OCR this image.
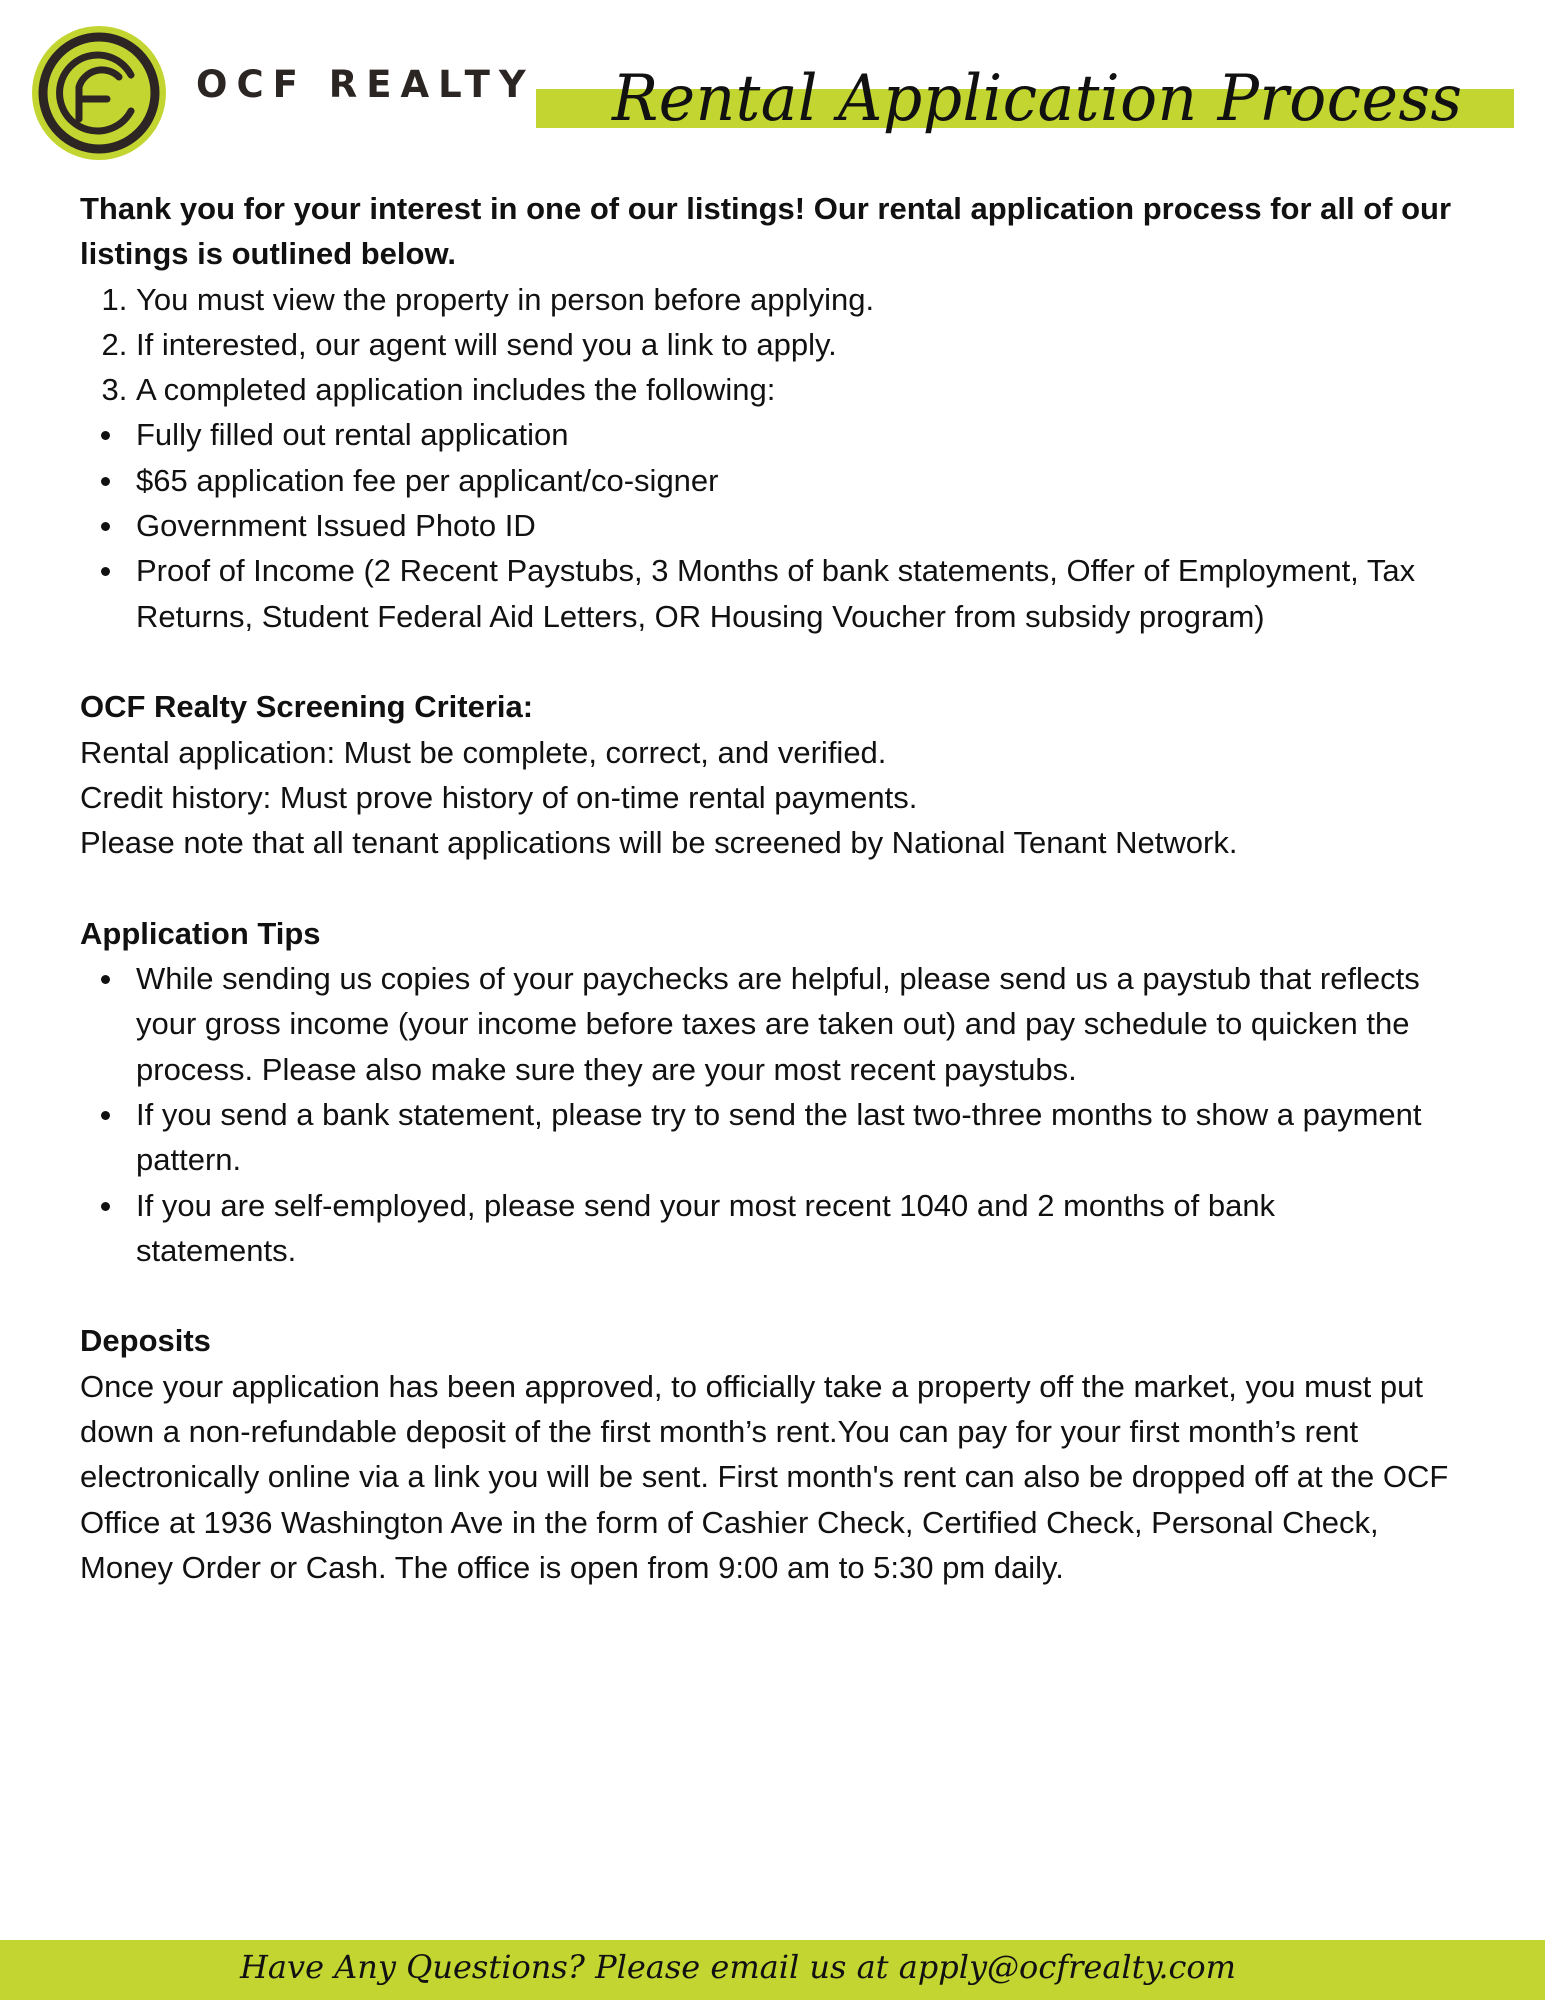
OCF REALTY Rental Application Process

Thank you for your interest in one of our listings! Our rental application process for all of our listings is outlined below.

1. You must view the property in person before applying.
2. If interested, our agent will send you a link to apply.
3. A completed application includes the following:
Fully filled out rental application
$65 application fee per applicant/co-signer
Government Issued Photo ID
Proof of Income (2 Recent Paystubs, 3 Months of bank statements, Offer of Employment, Tax Returns, Student Federal Aid Letters, OR Housing Voucher from subsidy program)

OCF Realty Screening Criteria:

Rental application: Must be complete, correct, and verified.

Credit history: Must prove history of on-time rental payments.

Please note that all tenant applications will be screened by National Tenant Network.

Application Tips

While sending us copies of your paychecks are helpful, please send us a paystub that reflects your gross income (your income before taxes are taken out) and pay schedule to quicken the process. Please also make sure they are your most recent paystubs.
If you send a bank statement, please try to send the last two-three months to show a payment pattern.
If you are self-employed, please send your most recent 1040 and 2 months of bank statements.

Deposits

Once your application has been approved, to officially take a property off the market, you must put down a non-refundable deposit of the first month’s rent.You can pay for your first month’s rent electronically online via a link you will be sent. First month's rent can also be dropped off at the OCF Office at 1936 Washington Ave in the form of Cashier Check, Certified Check, Personal Check, Money Order or Cash. The office is open from 9:00 am to 5:30 pm daily.

Have Any Questions? Please email us at apply@ocfrealty.com
